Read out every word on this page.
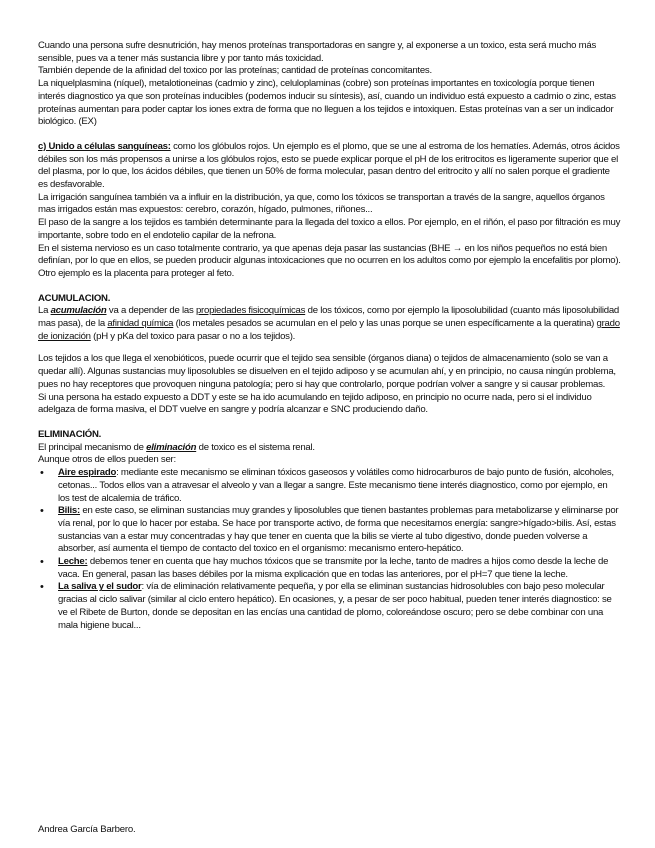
Cuando una persona sufre desnutrición, hay menos proteínas transportadoras en sangre y, al exponerse a un toxico, esta será mucho más sensible, pues va a tener más sustancia libre y por tanto más toxicidad.

También depende de la afinidad del toxico por las proteínas; cantidad de proteínas concomitantes.

La niquelplasmina (níquel), metalotioneinas (cadmio y zinc), celuloplaminas (cobre) son proteínas importantes en toxicología porque tienen interés diagnostico ya que son proteínas inducibles (podemos inducir su síntesis), así, cuando un individuo está expuesto a cadmio o zinc, estas proteínas aumentan para poder captar los iones extra de forma que no lleguen a los tejidos e intoxiquen. Estas proteínas van a ser un indicador biológico. (EX)

c) Unido a células sanguíneas: como los glóbulos rojos. Un ejemplo es el plomo, que se une al estroma de los hematíes. Además, otros ácidos débiles son los más propensos a unirse a los glóbulos rojos, esto se puede explicar porque el pH de los eritrocitos es ligeramente superior que el del plasma, por lo que, los ácidos débiles, que tienen un 50% de forma molecular, pasan dentro del eritrocito y allí no salen porque el gradiente es desfavorable.

La irrigación sanguínea también va a influir en la distribución, ya que, como los tóxicos se transportan a través de la sangre, aquellos órganos mas irrigados están mas expuestos: cerebro, corazón, hígado, pulmones, riñones...

El paso de la sangre a los tejidos es también determinante para la llegada del toxico a ellos. Por ejemplo, en el riñón, el paso por filtración es muy importante, sobre todo en el endotelio capilar de la nefrona.

En el sistema nervioso es un caso totalmente contrario, ya que apenas deja pasar las sustancias (BHE → en los niños pequeños no está bien definían, por lo que en ellos, se pueden producir algunas intoxicaciones que no ocurren en los adultos como por ejemplo la encefalitis por plomo). Otro ejemplo es la placenta para proteger al feto.

ACUMULACION.

La acumulación va a depender de las propiedades fisicoquímicas de los tóxicos, como por ejemplo la liposolubilidad (cuanto más liposolubilidad mas pasa), de la afinidad química (los metales pesados se acumulan en el pelo y las unas porque se unen específicamente a la queratina) grado de ionización (pH y pKa del toxico para pasar o no a los tejidos).

Los tejidos a los que llega el xenobióticos, puede ocurrir que el tejido sea sensible (órganos diana) o tejidos de almacenamiento (solo se van a quedar allí). Algunas sustancias muy liposolubles se disuelven en el tejido adiposo y se acumulan ahí, y en principio, no causa ningún problema, pues no hay receptores que provoquen ninguna patología; pero si hay que controlarlo, porque podrían volver a sangre y si causar problemas.

Si una persona ha estado expuesto a DDT y este se ha ido acumulando en tejido adiposo, en principio no ocurre nada, pero si el individuo adelgaza de forma masiva, el DDT vuelve en sangre y podría alcanzar e SNC produciendo daño.

ELIMINACIÓN.

El principal mecanismo de eliminación de toxico es el sistema renal.

Aunque otros de ellos pueden ser:

• Aire espirado: mediante este mecanismo se eliminan tóxicos gaseosos y volátiles como hidrocarburos de bajo punto de fusión, alcoholes, cetonas... Todos ellos van a atravesar el alveolo y van a llegar a sangre. Este mecanismo tiene interés diagnostico, como por ejemplo, en los test de alcalemia de tráfico.
• Bilis: en este caso, se eliminan sustancias muy grandes y liposolubles que tienen bastantes problemas para metabolizarse y eliminarse por vía renal, por lo que lo hacer por estaba. Se hace por transporte activo, de forma que necesitamos energía: sangre>hígado>bilis. Así, estas sustancias van a estar muy concentradas y hay que tener en cuenta que la bilis se vierte al tubo digestivo, donde pueden volverse a absorber, así aumenta el tiempo de contacto del toxico en el organismo: mecanismo entero-hepático.
• Leche: debemos tener en cuenta que hay muchos tóxicos que se transmite por la leche, tanto de madres a hijos como desde la leche de vaca. En general, pasan las bases débiles por la misma explicación que en todas las anteriores, por el pH=7 que tiene la leche.
• La saliva y el sudor: vía de eliminación relativamente pequeña, y por ella se eliminan sustancias hidrosolubles con bajo peso molecular gracias al ciclo salivar (similar al ciclo entero hepático). En ocasiones, y, a pesar de ser poco habitual, pueden tener interés diagnostico: se ve el Ribete de Burton, donde se depositan en las encías una cantidad de plomo, coloreándose oscuro; pero se debe combinar con una mala higiene bucal...
Andrea García Barbero.
